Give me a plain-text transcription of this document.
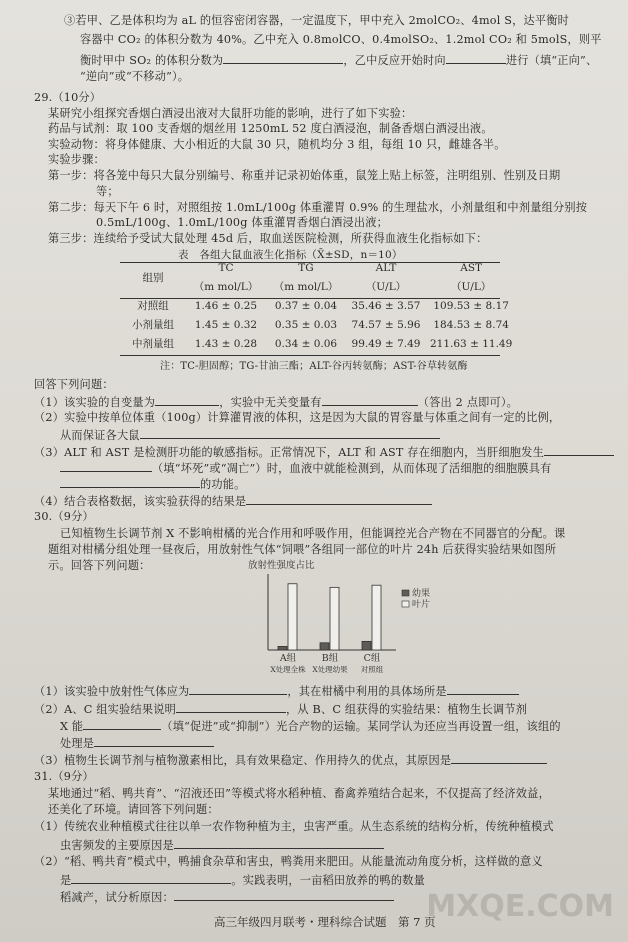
③若甲、乙是体积均为 aL 的恒容密闭容器，一定温度下，甲中充入 2molCO₂、4mol S，达平衡时
容器中 CO₂ 的体积分数为 40%。乙中充入 0.8molCO、0.4molSO₂、1.2mol CO₂ 和 5molS，则平
衡时甲中 SO₂ 的体积分数为	，乙中反应开始时向	进行（填“正向”、
“逆向”或“不移动”）。
29.（10分）
某研究小组探究香烟白酒浸出液对大鼠肝功能的影响，进行了如下实验：
药品与试剂：取 100 支香烟的烟丝用 1250mL 52 度白酒浸泡，制备香烟白酒浸出液。
实验动物：将身体健康、大小相近的大鼠 30 只，随机均分 3 组，每组 10 只，雌雄各半。
实验步骤：
第一步：将各笼中每只大鼠分别编号、称重并记录初始体重，鼠笼上贴上标签，注明组别、性别及日期
等；
第二步：每天下午 6 时，对照组按 1.0mL/100g 体重灌胃 0.9% 的生理盐水，小剂量组和中剂量组分别按
0.5mL/100g、1.0mL/100g 体重灌胃香烟白酒浸出液；
第三步：连续给予受试大鼠处理 45d 后，取血送医院检测，所获得血液生化指标如下：
表　各组大鼠血液生化指标（X̄±SD，n＝10）
组别	TC	TG	ALT	AST
	（m mol/L）	（m mol/L）	（U/L）	（U/L）
对照组	1.46 ± 0.25	0.37 ± 0.04	35.46 ± 3.57	109.53 ± 8.17
小剂量组	1.45 ± 0.32	0.35 ± 0.03	74.57 ± 5.96	184.53 ± 8.74
中剂量组	1.43 ± 0.28	0.34 ± 0.06	99.49 ± 7.49	211.63 ± 11.49
注：TC-胆固醇；TG-甘油三酯；ALT-谷丙转氨酶；AST-谷草转氨酶
回答下列问题：
（1）该实验的自变量为	，实验中无关变量有	（答出 2 点即可）。
（2）实验中按单位体重（100g）计算灌胃液的体积，这是因为大鼠的胃容量与体重之间有一定的比例，
从而保证各大鼠
（3）ALT 和 AST 是检测肝功能的敏感指标。正常情况下，ALT 和 AST 存在细胞内，当肝细胞发生
（填“坏死”或“凋亡”）时，血液中就能检测到，从而体现了活细胞的细胞膜具有
的功能。
（4）结合表格数据，该实验获得的结果是
30.（9分）
已知植物生长调节剂 X 不影响柑橘的光合作用和呼吸作用，但能调控光合产物在不同器官的分配。课
题组对柑橘分组处理一昼夜后，用放射性气体“饲喂”各组同一部位的叶片 24h 后获得实验结果如图所
示。回答下列问题：	放射性强度占比
A组
X处理全株
B组
X处理幼果
C组
对照组
幼果
叶片
（1）该实验中放射性气体应为	，其在柑橘中利用的具体场所是
（2）A、C 组实验结果说明	，从 B、C 组获得的实验结果：植物生长调节剂
X 能	（填“促进”或“抑制”）光合产物的运输。某同学认为还应当再设置一组，该组的
处理是
（3）植物生长调节剂与植物激素相比，具有效果稳定、作用持久的优点，其原因是
31.（9分）
某地通过“稻、鸭共育”、“沼液还田”等模式将水稻种植、畜禽养殖结合起来，不仅提高了经济效益，
还美化了环境。请回答下列问题：
（1）传统农业种植模式往往以单一农作物种植为主，虫害严重。从生态系统的结构分析，传统种植模式
虫害频发的主要原因是
（2）“稻、鸭共育”模式中，鸭捕食杂草和害虫，鸭粪用来肥田。从能量流动角度分析，这样做的意义
是	。实践表明，一亩稻田放养的鸭的数量
稻减产，试分析原因：
高三年级四月联考・理科综合试题　第 7 页
MXQE.COM
